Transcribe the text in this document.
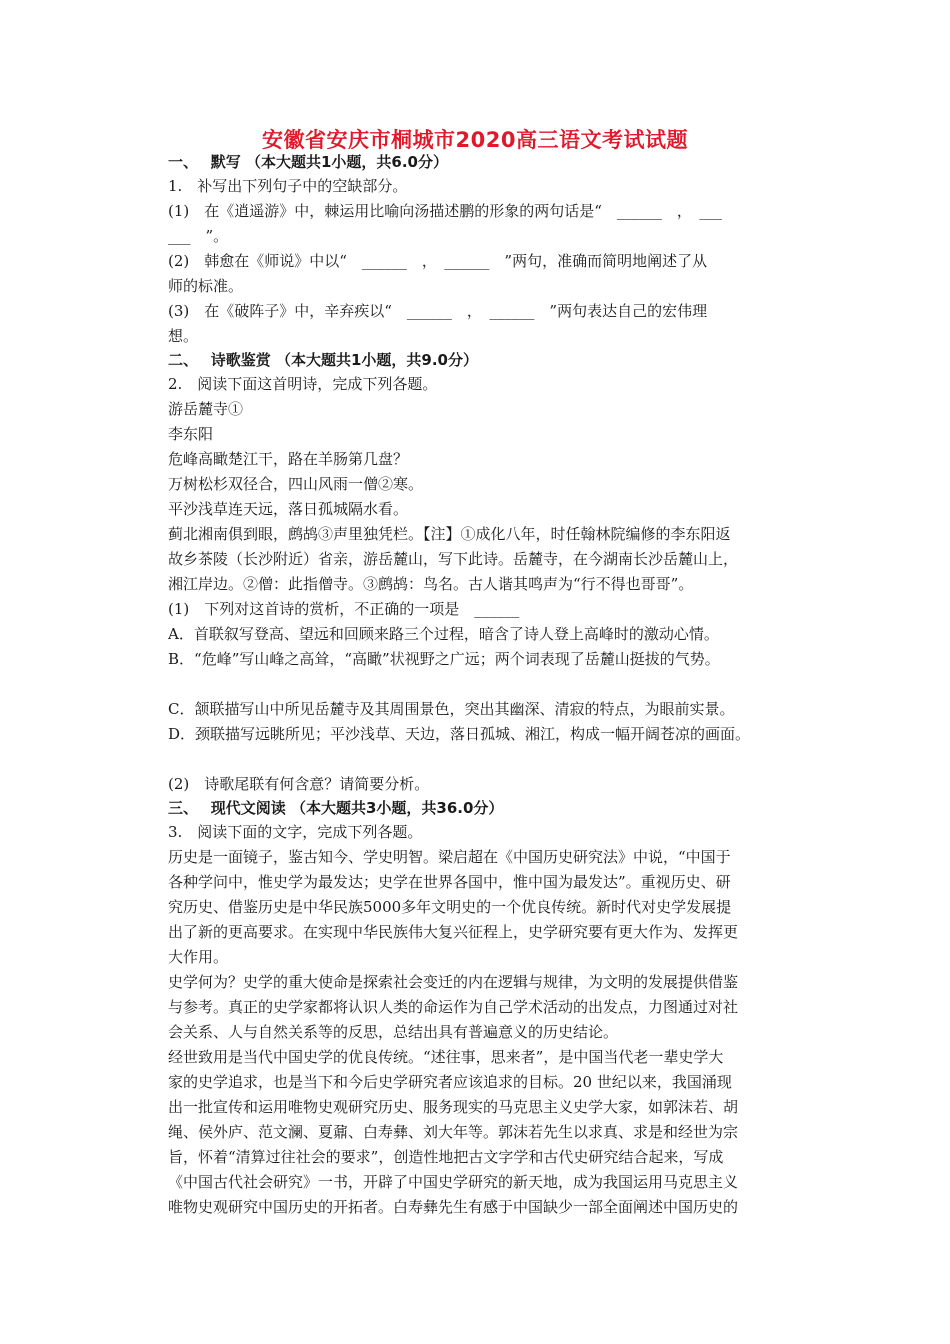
安徽省安庆市桐城市2020高三语文考试试题
一、　 默写 （本大题共1小题，共6.0分）
1.　补写出下列句子中的空缺部分。
(1)　在《逍遥游》中，棘运用比喻向汤描述鹏的形象的两句话是“　______　，　___
___　”。
(2)　韩愈在《师说》中以“　______　，　______　”两句，准确而简明地阐述了从
师的标准。
(3)　在《破阵子》中，辛弃疾以“　______　，　______　”两句表达自己的宏伟理
想。
二、　 诗歌鉴赏 （本大题共1小题，共9.0分）
2.　阅读下面这首明诗，完成下列各题。
游岳麓寺①
李东阳
危峰高瞰楚江干，路在羊肠第几盘？
万树松杉双径合，四山风雨一僧②寒。
平沙浅草连天远，落日孤城隔水看。
蓟北湘南俱到眼，鹧鸪③声里独凭栏。【注】①成化八年，时任翰林院编修的李东阳返
故乡茶陵（长沙附近）省亲，游岳麓山，写下此诗。岳麓寺，在今湖南长沙岳麓山上，
湘江岸边。②僧：此指僧寺。③鹧鸪：鸟名。古人谐其鸣声为“行不得也哥哥”。
(1)　下列对这首诗的赏析，不正确的一项是　______
A．首联叙写登高、望远和回顾来路三个过程，暗含了诗人登上高峰时的激动心情。
B．“危峰”写山峰之高耸，“高瞰”状视野之广远；两个词表现了岳麓山挺拔的气势。
C．颔联描写山中所见岳麓寺及其周围景色，突出其幽深、清寂的特点，为眼前实景。
D．颈联描写远眺所见；平沙浅草、天边，落日孤城、湘江，构成一幅开阔苍凉的画面。
(2)　诗歌尾联有何含意？请简要分析。
三、　 现代文阅读 （本大题共3小题，共36.0分）
3.　阅读下面的文字，完成下列各题。
历史是一面镜子，鉴古知今、学史明智。梁启超在《中国历史研究法》中说，“中国于
各种学问中，惟史学为最发达；史学在世界各国中，惟中国为最发达”。重视历史、研
究历史、借鉴历史是中华民族5000多年文明史的一个优良传统。新时代对史学发展提
出了新的更高要求。在实现中华民族伟大复兴征程上，史学研究要有更大作为、发挥更
大作用。
史学何为？史学的重大使命是探索社会变迁的内在逻辑与规律，为文明的发展提供借鉴
与参考。真正的史学家都将认识人类的命运作为自己学术活动的出发点，力图通过对社
会关系、人与自然关系等的反思，总结出具有普遍意义的历史结论。
经世致用是当代中国史学的优良传统。“述往事，思来者”，是中国当代老一辈史学大
家的史学追求，也是当下和今后史学研究者应该追求的目标。20 世纪以来，我国涌现
出一批宣传和运用唯物史观研究历史、服务现实的马克思主义史学大家，如郭沫若、胡
绳、侯外庐、范文澜、夏鼐、白寿彝、刘大年等。郭沫若先生以求真、求是和经世为宗
旨，怀着“清算过往社会的要求”，创造性地把古文字学和古代史研究结合起来，写成
《中国古代社会研究》一书，开辟了中国史学研究的新天地，成为我国运用马克思主义
唯物史观研究中国历史的开拓者。白寿彝先生有感于中国缺少一部全面阐述中国历史的
